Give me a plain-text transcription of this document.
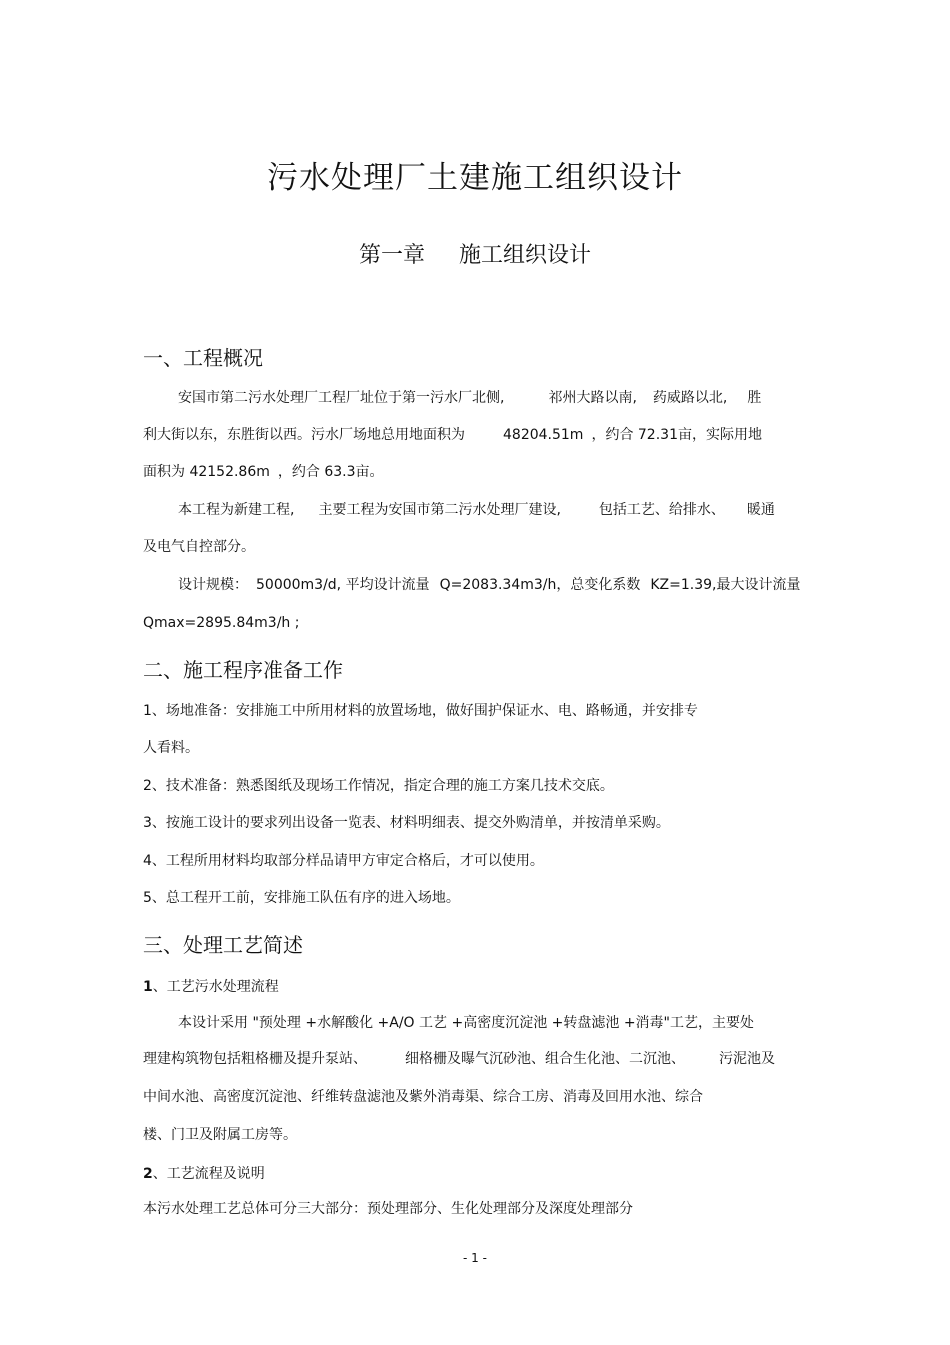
污水处理厂土建施工组织设计
第一章 施工组织设计
一、工程概况
安国市第二污水处理厂工程厂址位于第一污水厂北侧,	祁州大路以南, 药威路以北, 胜
利大街以东，东胜街以西。污水厂场地总用地面积为	48204.51m ，约合 72.31亩，实际用地
面积为 42152.86m ，约合 63.3亩。
本工程为新建工程, 主要工程为安国市第二污水处理厂建设,	包括工艺、给排水、 暖通
及电气自控部分。
设计规模： 50000m3/d, 平均设计流量 Q=2083.34m3/h，总变化系数 KZ=1.39,最大设计流量
Qmax=2895.84m3/h ;
二、施工程序准备工作
1、场地准备：安排施工中所用材料的放置场地，做好围护保证水、电、路畅通，并安排专
人看料。
2、技术准备：熟悉图纸及现场工作情况，指定合理的施工方案几技术交底。
3、按施工设计的要求列出设备一览表、材料明细表、提交外购清单，并按清单采购。
4、工程所用材料均取部分样品请甲方审定合格后，才可以使用。
5、总工程开工前，安排施工队伍有序的进入场地。
三、处理工艺简述
1、工艺污水处理流程
本设计采用 "预处理 +水解酸化 +A/O 工艺 +高密度沉淀池 +转盘滤池 +消毒"工艺，主要处
理建构筑物包括粗格栅及提升泵站、	细格栅及曝气沉砂池、组合生化池、二沉池、 污泥池及
中间水池、高密度沉淀池、纤维转盘滤池及紫外消毒渠、综合工房、消毒及回用水池、综合
楼、门卫及附属工房等。
2、工艺流程及说明
本污水处理工艺总体可分三大部分：预处理部分、生化处理部分及深度处理部分
- 1 -
